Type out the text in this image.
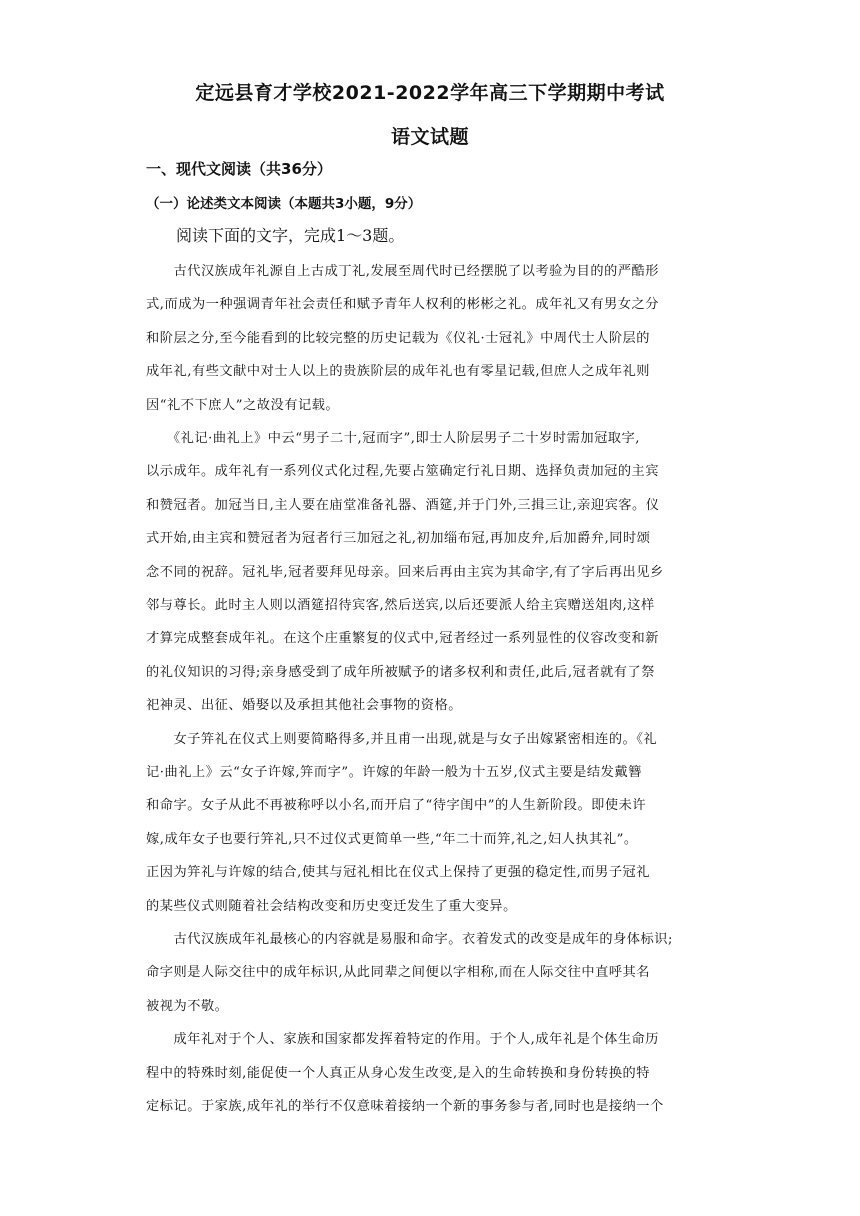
定远县育才学校2021-2022学年高三下学期期中考试
语文试题
一、现代文阅读（共36分）
（一）论述类文本阅读（本题共3小题，9分）
阅读下面的文字，完成1～3题。
　　古代汉族成年礼源自上古成丁礼,发展至周代时已经摆脱了以考验为目的的严酷形
式,而成为一种强调青年社会责任和赋予青年人权利的彬彬之礼。成年礼又有男女之分
和阶层之分,至今能看到的比较完整的历史记载为《仪礼·士冠礼》中周代士人阶层的
成年礼,有些文献中对士人以上的贵族阶层的成年礼也有零星记载,但庶人之成年礼则
因“礼不下庶人”之故没有记载。
　　《礼记·曲礼上》中云“男子二十,冠而字”,即士人阶层男子二十岁时需加冠取字,
以示成年。成年礼有一系列仪式化过程,先要占筮确定行礼日期、选择负责加冠的主宾
和赞冠者。加冠当日,主人要在庙堂准备礼器、酒筵,并于门外,三揖三让,亲迎宾客。仪
式开始,由主宾和赞冠者为冠者行三加冠之礼,初加缁布冠,再加皮弁,后加爵弁,同时颂
念不同的祝辞。冠礼毕,冠者要拜见母亲。回来后再由主宾为其命字,有了字后再出见乡
邻与尊长。此时主人则以酒筵招待宾客,然后送宾,以后还要派人给主宾赠送俎肉,这样
才算完成整套成年礼。在这个庄重繁复的仪式中,冠者经过一系列显性的仪容改变和新
的礼仪知识的习得;亲身感受到了成年所被赋予的诸多权利和责任,此后,冠者就有了祭
祀神灵、出征、婚娶以及承担其他社会事物的资格。
　　女子笄礼在仪式上则要简略得多,并且甫一出现,就是与女子出嫁紧密相连的。《礼
记·曲礼上》云“女子许嫁,笄而字”。许嫁的年龄一般为十五岁,仪式主要是结发戴簪
和命字。女子从此不再被称呼以小名,而开启了“待字闺中”的人生新阶段。即使未许
嫁,成年女子也要行笄礼,只不过仪式更简单一些,“年二十而笄,礼之,妇人执其礼”。
正因为笄礼与许嫁的结合,使其与冠礼相比在仪式上保持了更强的稳定性,而男子冠礼
的某些仪式则随着社会结构改变和历史变迁发生了重大变异。
　　古代汉族成年礼最核心的内容就是易服和命字。衣着发式的改变是成年的身体标识;
命字则是人际交往中的成年标识,从此同辈之间便以字相称,而在人际交往中直呼其名
被视为不敬。
　　成年礼对于个人、家族和国家都发挥着特定的作用。于个人,成年礼是个体生命历
程中的特殊时刻,能促使一个人真正从身心发生改变,是入的生命转换和身份转换的特
定标记。于家族,成年礼的举行不仅意味着接纳一个新的事务参与者,同时也是接纳一个
